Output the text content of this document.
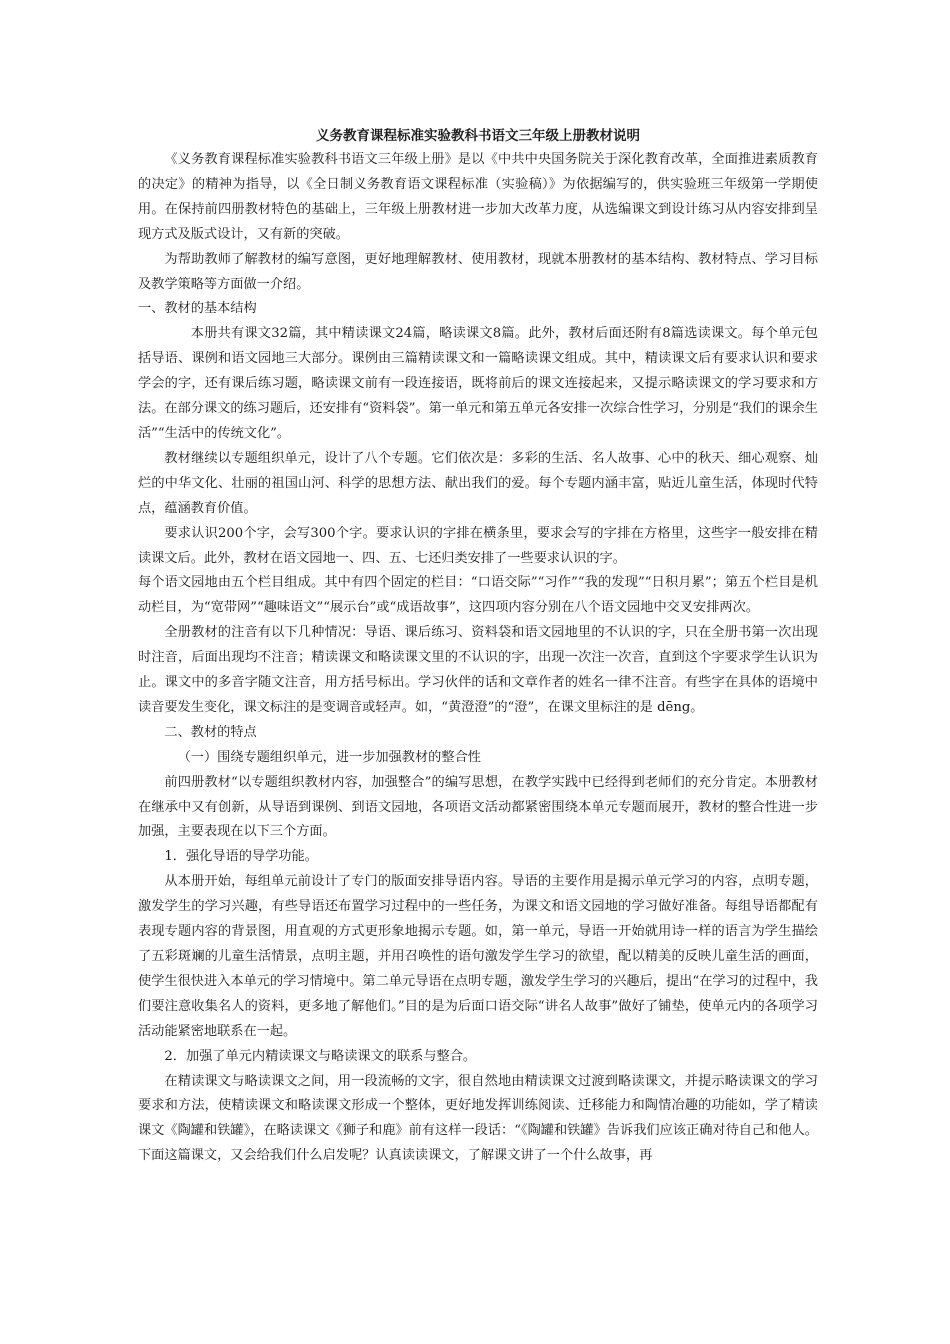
义务教育课程标准实验教科书语文三年级上册教材说明

《义务教育课程标准实验教科书语文三年级上册》是以《中共中央国务院关于深化教育改革，全面推进素质教育的决定》的精神为指导，以《全日制义务教育语文课程标准（实验稿）》为依据编写的，供实验班三年级第一学期使用。在保持前四册教材特色的基础上，三年级上册教材进一步加大改革力度，从选编课文到设计练习从内容安排到呈现方式及版式设计，又有新的突破。

为帮助教师了解教材的编写意图，更好地理解教材、使用教材，现就本册教材的基本结构、教材特点、学习目标及教学策略等方面做一介绍。

一、教材的基本结构

本册共有课文32篇，其中精读课文24篇，略读课文8篇。此外，教材后面还附有8篇选读课文。每个单元包括导语、课例和语文园地三大部分。课例由三篇精读课文和一篇略读课文组成。其中，精读课文后有要求认识和要求学会的字，还有课后练习题，略读课文前有一段连接语，既将前后的课文连接起来，又提示略读课文的学习要求和方法。在部分课文的练习题后，还安排有“资料袋”。第一单元和第五单元各安排一次综合性学习，分别是“我们的课余生活”“生活中的传统文化”。

教材继续以专题组织单元，设计了八个专题。它们依次是：多彩的生活、名人故事、心中的秋天、细心观察、灿烂的中华文化、壮丽的祖国山河、科学的思想方法、献出我们的爱。每个专题内涵丰富，贴近儿童生活，体现时代特点，蕴涵教育价值。

要求认识200个字，会写300个字。要求认识的字排在横条里，要求会写的字排在方格里，这些字一般安排在精读课文后。此外，教材在语文园地一、四、五、七还归类安排了一些要求认识的字。

每个语文园地由五个栏目组成。其中有四个固定的栏目：“口语交际”“习作”“我的发现”“日积月累”；第五个栏目是机动栏目，为“宽带网”“趣味语文”“展示台”或“成语故事”，这四项内容分别在八个语文园地中交叉安排两次。

全册教材的注音有以下几种情况：导语、课后练习、资料袋和语文园地里的不认识的字，只在全册书第一次出现时注音，后面出现均不注音；精读课文和略读课文里的不认识的字，出现一次注一次音，直到这个字要求学生认识为止。课文中的多音字随文注音，用方括号标出。学习伙伴的话和文章作者的姓名一律不注音。有些字在具体的语境中读音要发生变化，课文标注的是变调音或轻声。如，“黄澄澄”的“澄”，在课文里标注的是 dēng。

二、教材的特点

（一）围绕专题组织单元，进一步加强教材的整合性

前四册教材“以专题组织教材内容，加强整合”的编写思想，在教学实践中已经得到老师们的充分肯定。本册教材在继承中又有创新，从导语到课例、到语文园地，各项语文活动都紧密围绕本单元专题而展开，教材的整合性进一步加强，主要表现在以下三个方面。

1．强化导语的导学功能。

从本册开始，每组单元前设计了专门的版面安排导语内容。导语的主要作用是揭示单元学习的内容，点明专题，激发学生的学习兴趣，有些导语还布置学习过程中的一些任务，为课文和语文园地的学习做好准备。每组导语都配有表现专题内容的背景图，用直观的方式更形象地揭示专题。如，第一单元，导语一开始就用诗一样的语言为学生描绘了五彩斑斓的儿童生活情景，点明主题，并用召唤性的语句激发学生学习的欲望，配以精美的反映儿童生活的画面，使学生很快进入本单元的学习情境中。第二单元导语在点明专题，激发学生学习的兴趣后，提出“在学习的过程中，我们要注意收集名人的资料，更多地了解他们。”目的是为后面口语交际“讲名人故事”做好了铺垫，使单元内的各项学习活动能紧密地联系在一起。

2．加强了单元内精读课文与略读课文的联系与整合。

在精读课文与略读课文之间，用一段流畅的文字，很自然地由精读课文过渡到略读课文，并提示略读课文的学习要求和方法，使精读课文和略读课文形成一个整体，更好地发挥训练阅读、迁移能力和陶情冶趣的功能如，学了精读课文《陶罐和铁罐》，在略读课文《狮子和鹿》前有这样一段话：“《陶罐和铁罐》告诉我们应该正确对待自己和他人。下面这篇课文，又会给我们什么启发呢？认真读读课文，了解课文讲了一个什么故事，再
